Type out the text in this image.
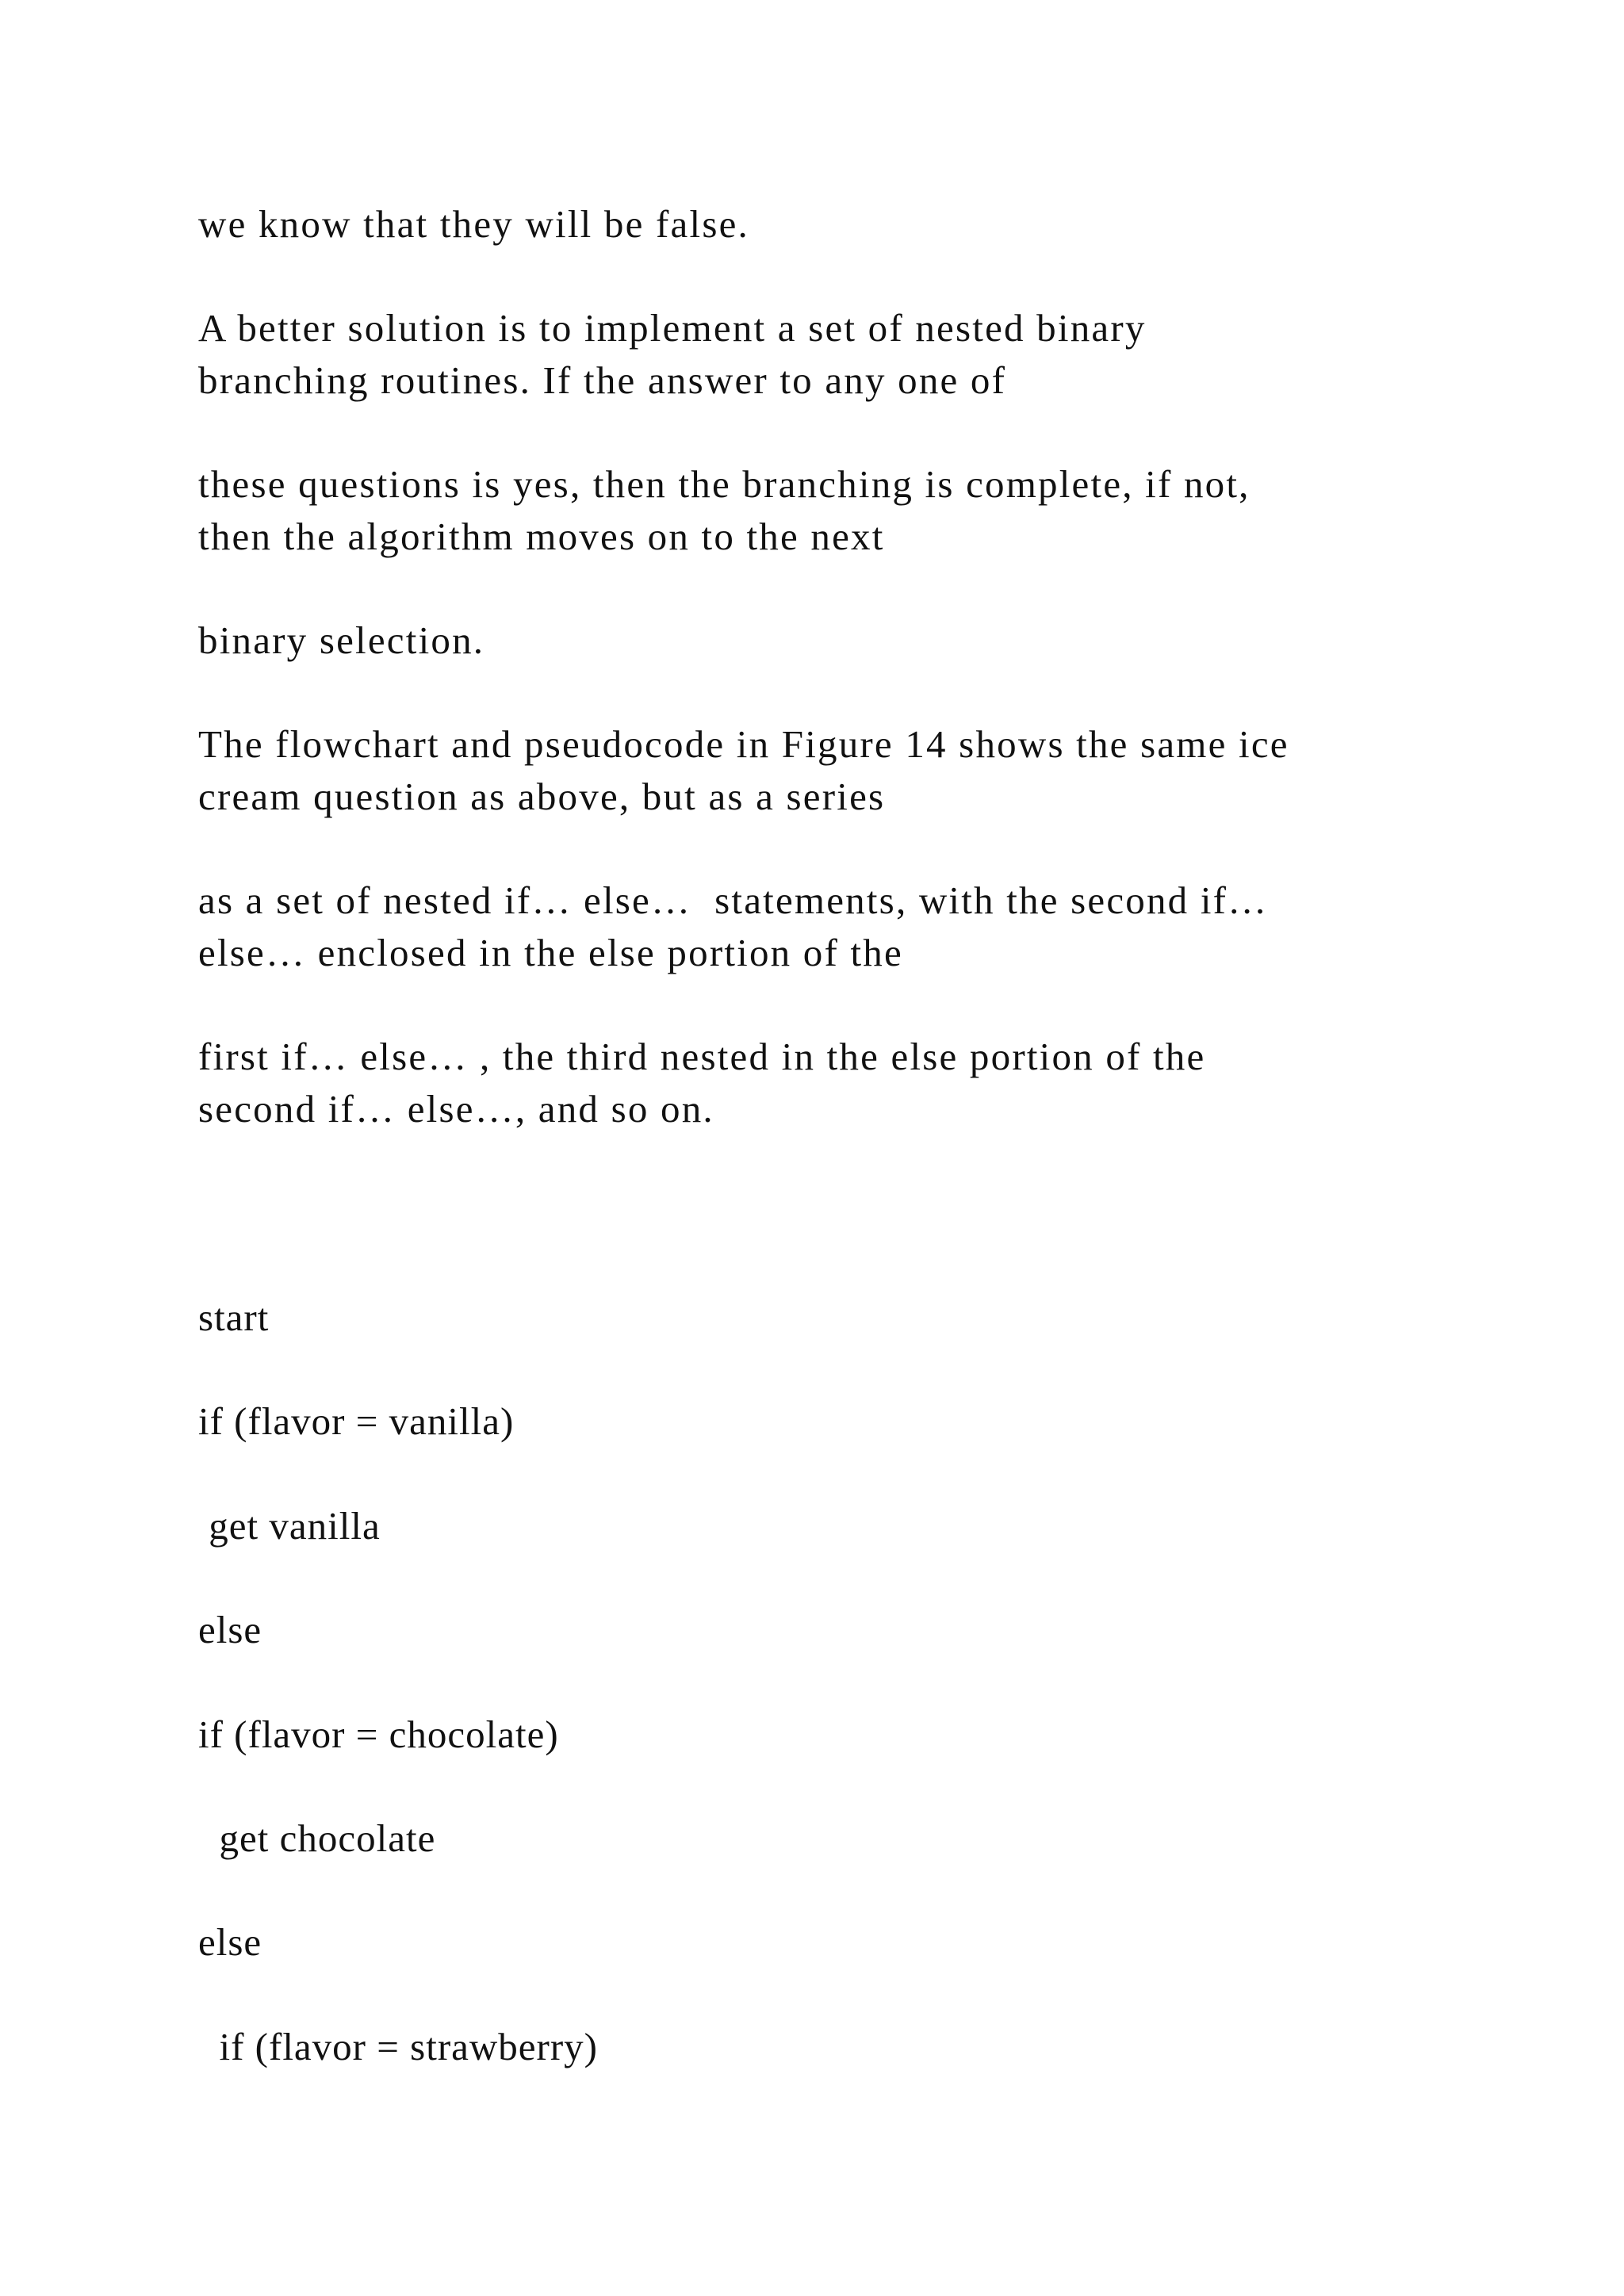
we know that they will be false.
A better solution is to implement a set of nested binary
branching routines. If the answer to any one of
these questions is yes, then the branching is complete, if not,
then the algorithm moves on to the next
binary selection.
The flowchart and pseudocode in Figure 14 shows the same ice
cream question as above, but as a series
as a set of nested if… else…  statements, with the second if…
else… enclosed in the else portion of the
first if… else… , the third nested in the else portion of the
second if… else…, and so on.
start
if (flavor = vanilla)
get vanilla
else
if (flavor = chocolate)
get chocolate
else
if (flavor = strawberry)
